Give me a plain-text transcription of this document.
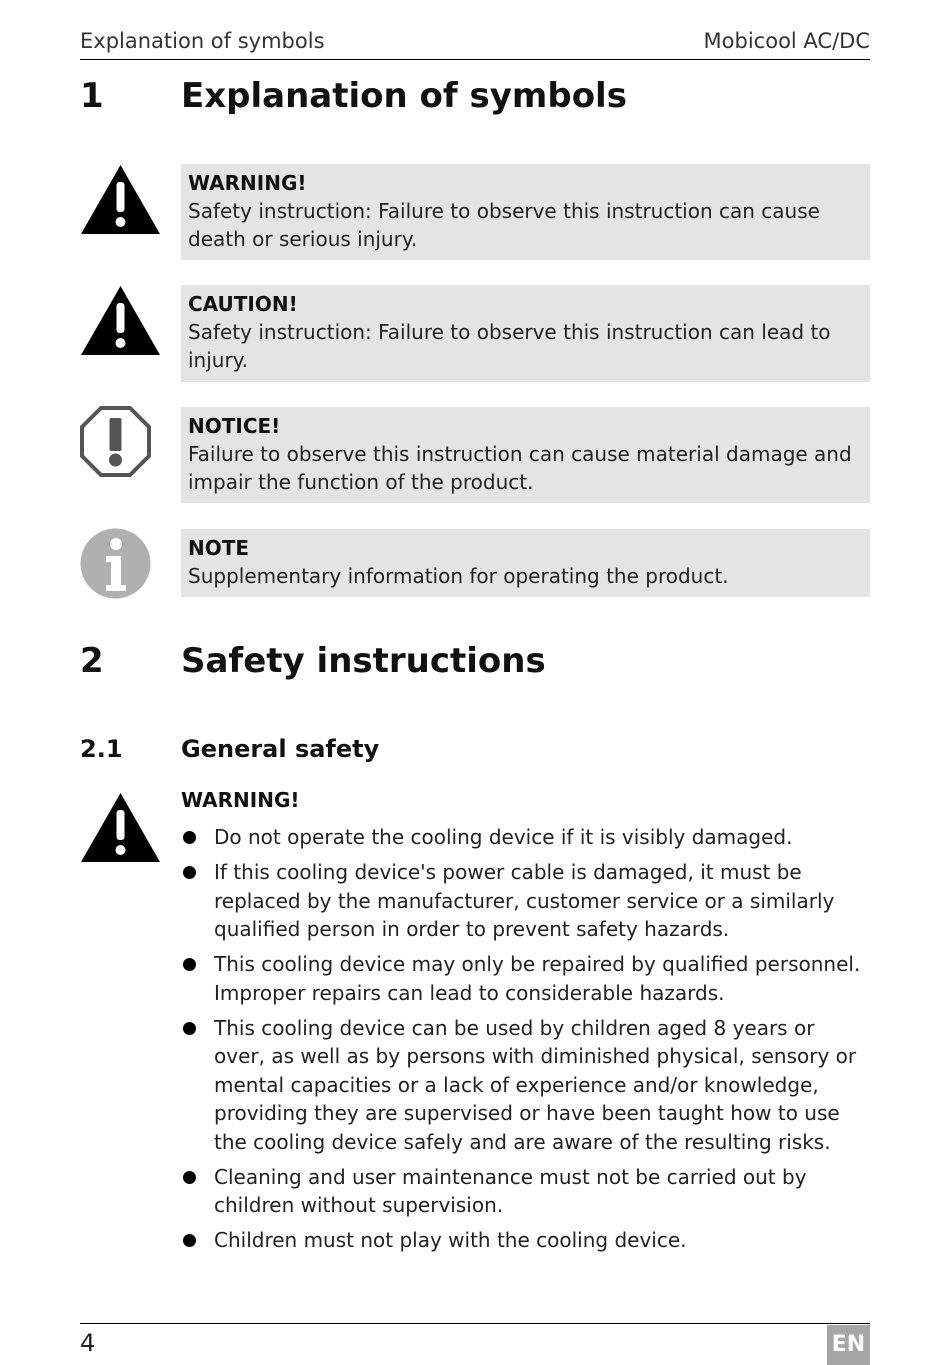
Explanation of symbols	Mobicool AC/DC
1 Explanation of symbols
WARNING!
Safety instruction: Failure to observe this instruction can cause death or serious injury.
CAUTION!
Safety instruction: Failure to observe this instruction can lead to injury.
NOTICE!
Failure to observe this instruction can cause material damage and impair the function of the product.
NOTE
Supplementary information for operating the product.
2 Safety instructions
2.1 General safety
WARNING!
Do not operate the cooling device if it is visibly damaged.
If this cooling device's power cable is damaged, it must be replaced by the manufacturer, customer service or a similarly qualified person in order to prevent safety hazards.
This cooling device may only be repaired by qualified personnel. Improper repairs can lead to considerable hazards.
This cooling device can be used by children aged 8 years or over, as well as by persons with diminished physical, sensory or mental capacities or a lack of experience and/or knowledge, providing they are supervised or have been taught how to use the cooling device safely and are aware of the resulting risks.
Cleaning and user maintenance must not be carried out by children without supervision.
Children must not play with the cooling device.
4	EN
